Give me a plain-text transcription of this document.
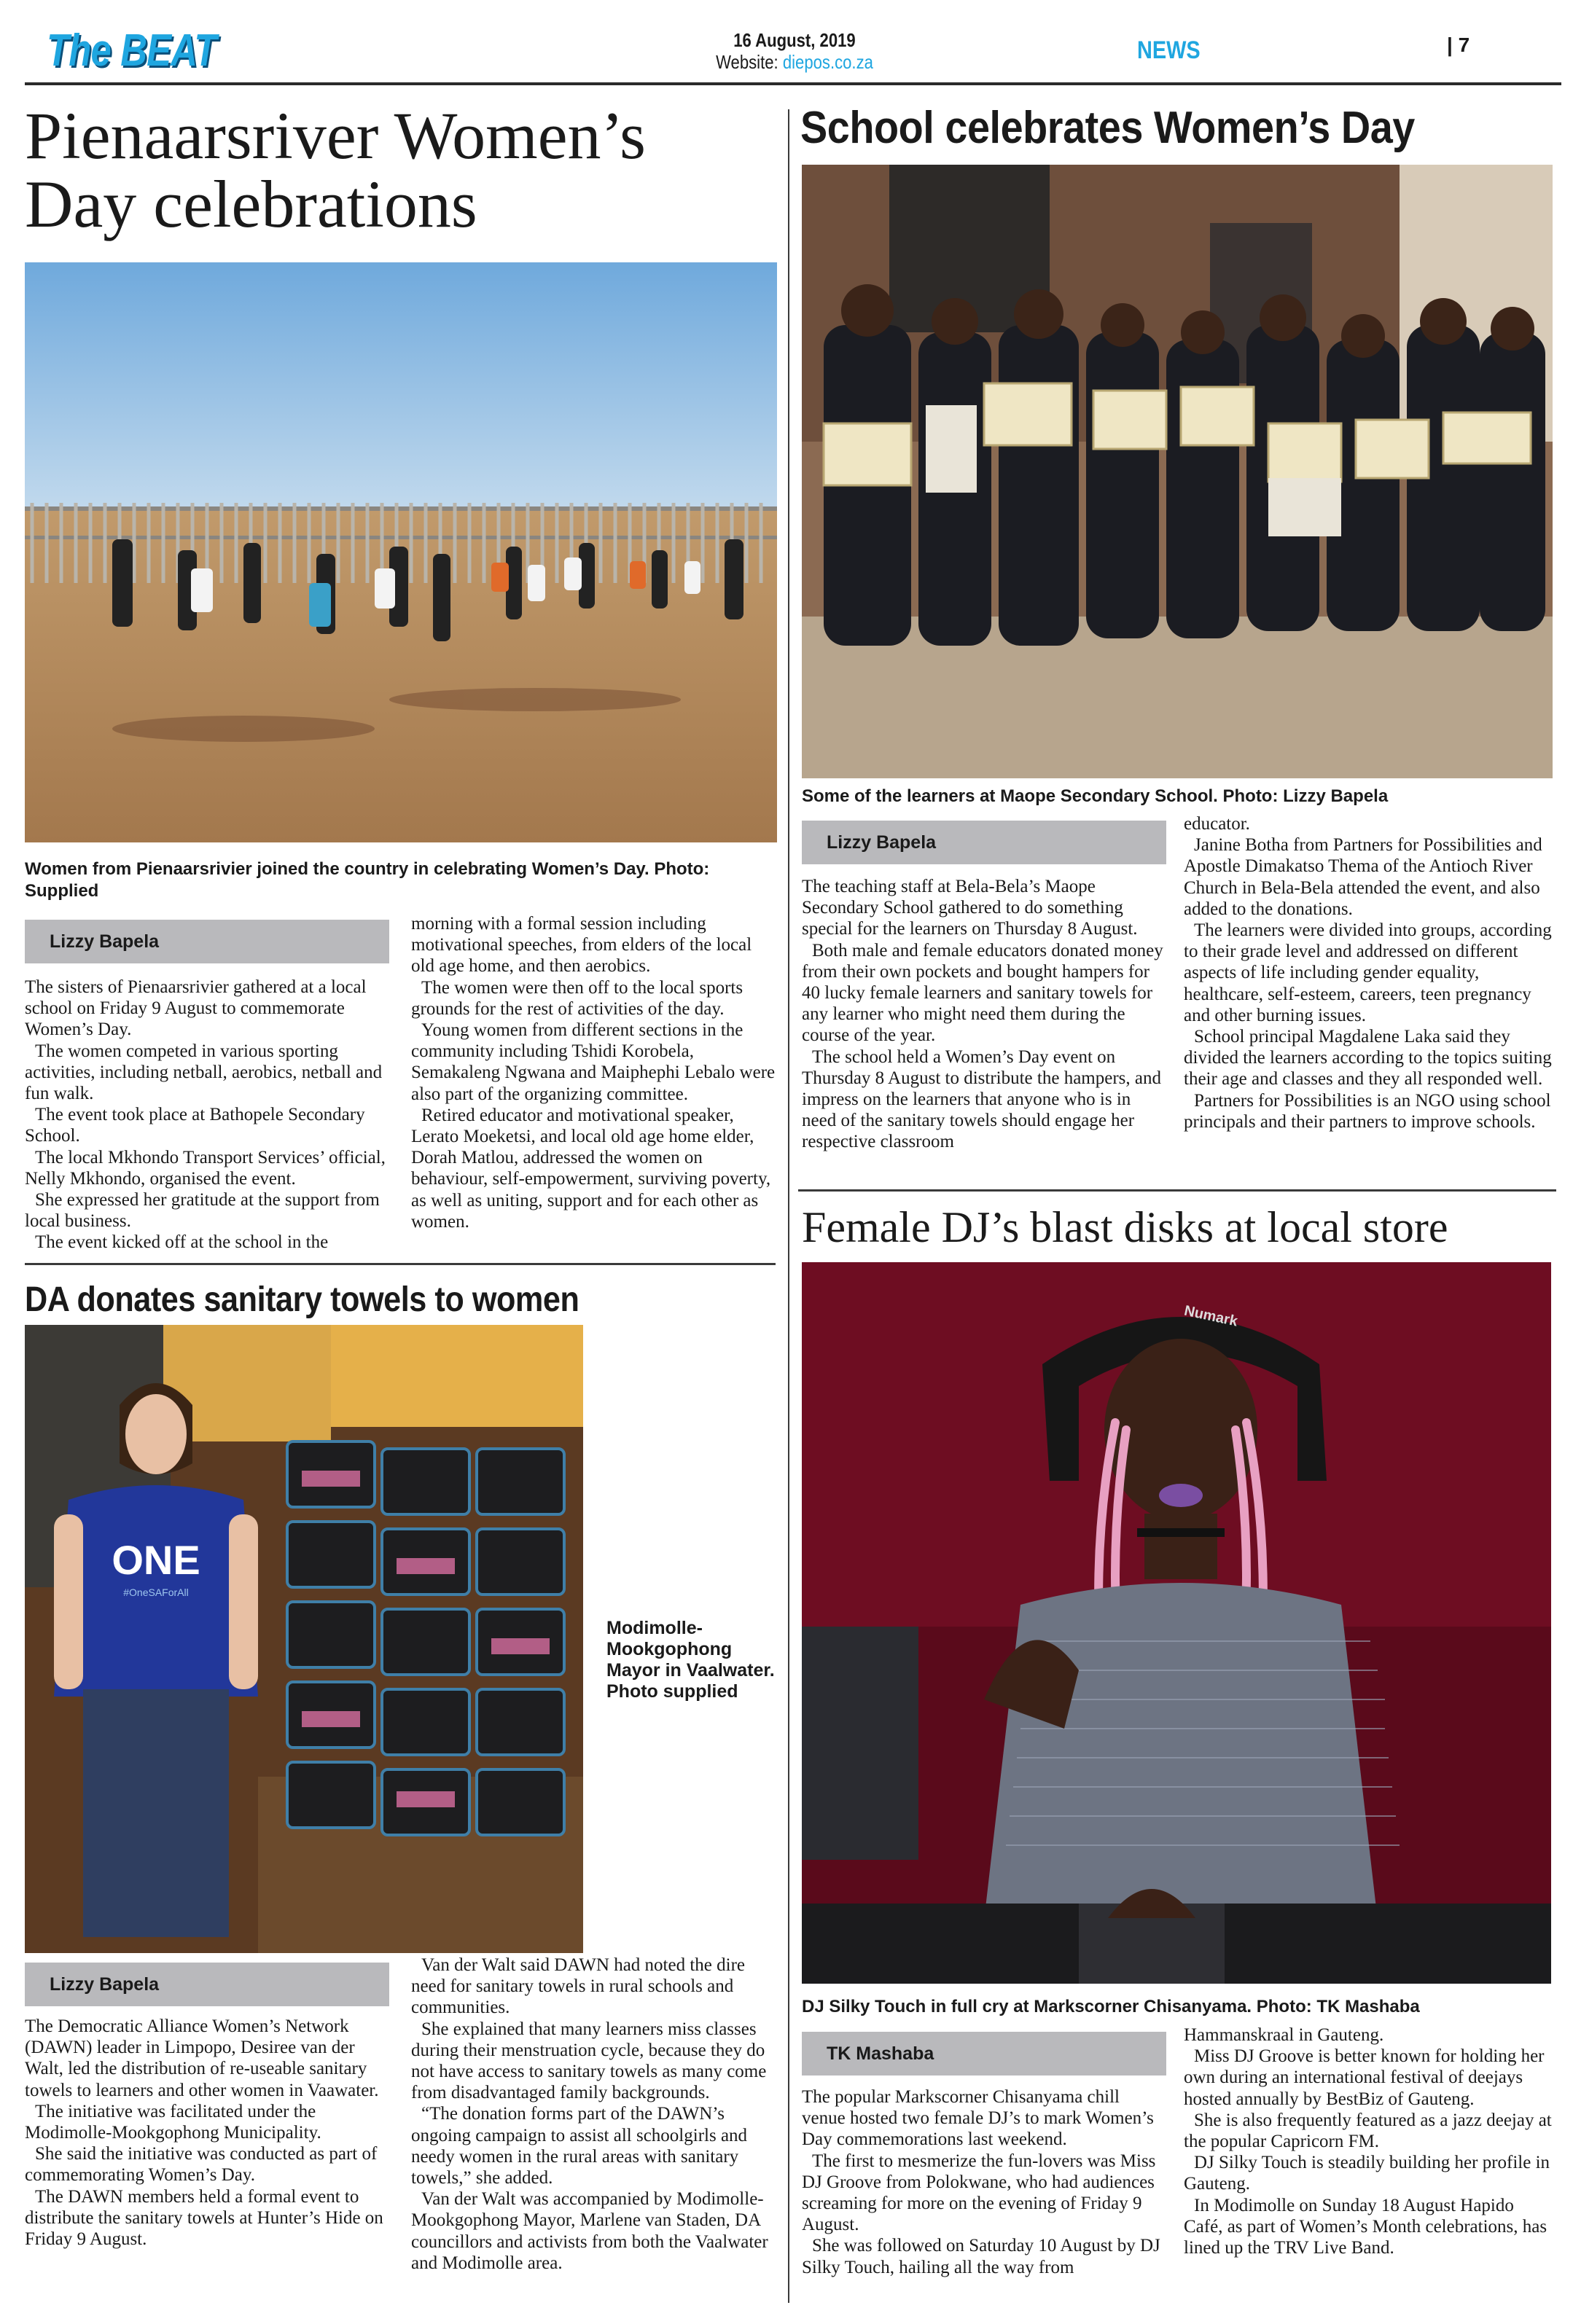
The BEAT	16 August, 2019
Website: diepos.co.za	NEWS	| 7
Pienaarsriver Women’s Day celebrations
Women from Pienaarsrivier joined the country in celebrating Women’s Day. Photo: Supplied
Lizzy Bapela

The sisters of Pienaarsrivier gathered at a local school on Friday 9 August to commemorate Women’s Day.

The women competed in various sporting activities, including netball, aerobics, netball and fun walk.

The event took place at Bathopele Secondary School.

The local Mkhondo Transport Services’ official, Nelly Mkhondo, organised the event.

She expressed her gratitude at the support from local business.

The event kicked off at the school in the

morning with a formal session including motivational speeches, from elders of the local old age home, and then aerobics.

The women were then off to the local sports grounds for the rest of activities of the day.

Young women from different sections in the community including Tshidi Korobela, Semakaleng Ngwana and Maiphephi Lebalo were also part of the organizing committee.

Retired educator and motivational speaker, Lerato Moeketsi, and local old age home elder, Dorah Matlou, addressed the women on behaviour, self-empowerment, surviving poverty, as well as uniting, support and for each other as women.

School celebrates Women’s Day
Some of the learners at Maope Secondary School. Photo: Lizzy Bapela
Lizzy Bapela

The teaching staff at Bela-Bela’s Maope Secondary School gathered to do something special for the learners on Thursday 8 August.

Both male and female educators donated money from their own pockets and bought hampers for 40 lucky female learners and sanitary towels for any learner who might need them during the course of the year.

The school held a Women’s Day event on Thursday 8 August to distribute the hampers, and impress on the learners that anyone who is in need of the sanitary towels should engage her respective classroom

educator.

Janine Botha from Partners for Possibilities and Apostle Dimakatso Thema of the Antioch River Church in Bela-Bela attended the event, and also added to the donations.

The learners were divided into groups, according to their grade level and addressed on different aspects of life including gender equality, healthcare, self-esteem, careers, teen pregnancy and other burning issues.

School principal Magdalene Laka said they divided the learners according to the topics suiting their age and classes and they all responded well.

Partners for Possibilities is an NGO using school principals and their partners to improve schools.

DA donates sanitary towels to women
ONE
#OneSAForAll
Modimolle-Mookgophong Mayor in Vaalwater. Photo supplied
Lizzy Bapela

The Democratic Alliance Women’s Network (DAWN) leader in Limpopo, Desiree van der Walt, led the distribution of re-useable sanitary towels to learners and other women in Vaawater.

The initiative was facilitated under the Modimolle-Mookgophong Municipality.

She said the initiative was conducted as part of commemorating Women’s Day.

The DAWN members held a formal event to distribute the sanitary towels at Hunter’s Hide on Friday 9 August.

Van der Walt said DAWN had noted the dire need for sanitary towels in rural schools and communities.

She explained that many learners miss classes during their menstruation cycle, because they do not have access to sanitary towels as many come from disadvantaged family backgrounds.

“The donation forms part of the DAWN’s ongoing campaign to assist all schoolgirls and needy women in the rural areas with sanitary towels,” she added.

Van der Walt was accompanied by Modimolle-Mookgophong Mayor, Marlene van Staden, DA councillors and activists from both the Vaalwater and Modimolle area.

Female DJ’s blast disks at local store
Numark
DJ Silky Touch in full cry at Markscorner Chisanyama. Photo: TK Mashaba
TK Mashaba

The popular Markscorner Chisanyama chill venue hosted two female DJ’s to mark Women’s Day commemorations last weekend.

The first to mesmerize the fun-lovers was Miss DJ Groove from Polokwane, who had audiences screaming for more on the evening of Friday 9 August.

She was followed on Saturday 10 August by DJ Silky Touch, hailing all the way from

Hammanskraal in Gauteng.

Miss DJ Groove is better known for holding her own during an international festival of deejays hosted annually by BestBiz of Gauteng.

She is also frequently featured as a jazz deejay at the popular Capricorn FM.

DJ Silky Touch is steadily building her profile in Gauteng.

In Modimolle on Sunday 18 August Hapido Café, as part of Women’s Month celebrations, has lined up the TRV Live Band.
